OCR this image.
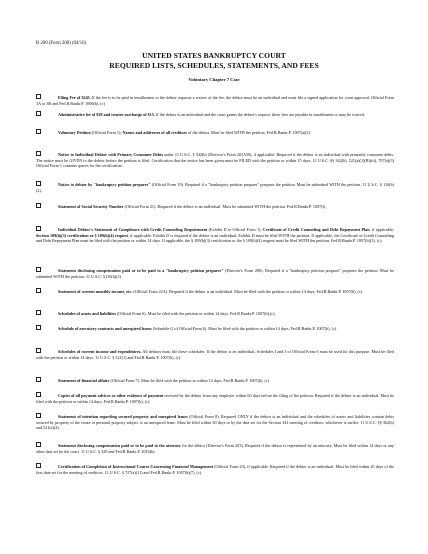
B 200 (Form 200) (04/10)
UNITED STATES BANKRUPTCY COURT
REQUIRED LISTS, SCHEDULES, STATEMENTS, AND FEES
Voluntary Chapter 7 Case

Filing Fee of $245. If the fee is to be paid in installments or the debtor requests a waiver of the fee, the debtor must be an individual and must file a signed application for court approval. Official Form 3A or 3B and Fed.R.Bankr.P. 1006(b), (c)

Administrative fee of $39 and trustee surcharge of $15. If the debtor is an individual and the court grants the debtor's request, these fees are payable in installments or may be waived.

Voluntary Petition (Official Form 1); Names and addresses of all creditors of the debtor. Must be filed WITH the petition. Fed.R.Bankr.P. 1007(a)(1).

Notice to Individual Debtor with Primary Consumer Debts under 11 U.S.C. § 342(b) (Director's Form 201A/B), if applicable. Required if the debtor is an individual with primarily consumer debts. The notice must be GIVEN to the debtor before the petition is filed. Certification that the notice has been given must be FILED with the petition or within 15 days. 11 U.S.C. §§ 342(b), 521(a)(1)(B)(iii), 707(a)(3) Official Form 1 contains spaces for the certification.

Notice to debtor by "bankruptcy petition preparer" (Official Form 19). Required if a "bankruptcy petition preparer" prepares the petition. Must be submitted WITH the petition. 11 U.S.C. § 110(b)(2).

Statement of Social Security Number (Official Form 21). Required if the debtor is an individual. Must be submitted WITH the petition. Fed.R.Bankr.P. 1007(f).

Individual Debtor's Statement of Compliance with Credit Counseling Requirement (Exhibit D to Official Form 1); Certificate of Credit Counseling and Debt Repayment Plan, if applicable; Section 109(h)(3) certification or § 109(h)(4) request, if applicable. Exhibit D is required if the debtor is an individual. Exhibit D must be filed WITH the petition. If applicable, the Certificate of Credit Counseling and Debt Repayment Plan must be filed with the petition or within 14 days. If applicable, the § 109(h)(3) certification or the § 109(h)(4) request must be filed WITH the petition. Fed.R.Bankr.P. 1007(b)(3), (c).

Statement disclosing compensation paid or to be paid to a "bankruptcy petition preparer" (Director's Form 280). Required if a "bankruptcy petition preparer" prepares the petition. Must be submitted WITH the petition. 11 U.S.C. §110(h)(2).

Statement of current monthly income, etc. (Official Form 22A). Required if the debtor is an individual. Must be filed with the petition or within 14 days. Fed.R.Bankr.P. 1007(b), (c).

Schedules of assets and liabilities (Official Form 6). Must be filed with the petition or within 14 days. Fed.R.Bankr.P. 1007(b),(c).

Schedule of executory contracts and unexpired leases (Schedule G of Official Form 6). Must be filed with the petition or within 14 days. Fed.R.Bankr.P. 1007(b), (c).

Schedules of current income and expenditures. All debtors must file these schedules. If the debtor is an individual, Schedules I and J of Official Form 6 must be used for this purpose. Must be filed with the petition or within 14 days. 11 U.S.C. § 521(1) and Fed.R.Bankr.P. 1007(b), (c).

Statement of financial affairs (Official Form 7). Must be filed with the petition or within 14 days. Fed.R.Bankr.P. 1007(b), (c).

Copies of all payment advices or other evidence of payment received by the debtor from any employer within 60 days before the filing of the petition. Required if the debtor is an individual. Must be filed with the petition or within 14 days. Fed.R.Bankr.P. 1007(b), (c).

Statement of intention regarding secured property and unexpired leases (Official Form 8). Required ONLY if the debtor is an individual and the schedules of assets and liabilities contain debts secured by property of the estate or personal property subject to an unexpired lease. Must be filed within 30 days or by the date set for the Section 341 meeting of creditors, whichever is earlier. 11 U.S.C. §§ 362(h) and 521(a)(2).

Statement disclosing compensation paid or to be paid to the attorney for the debtor (Director's Form 203). Required if the debtor is represented by an attorney. Must be filed within 14 days or any other date set by the court. 11 U.S.C. § 329 and Fed.R.Bankr.P. 2016(b).

Certification of Completion of Instructional Course Concerning Financial Management (Official Form 23), if applicable. Required if the debtor is an individual. Must be filed within 45 days of the first date set for the meeting of creditors. 11 U.S.C. § 727(a)(11) and Fed.R.Bankr.P. 1007(b)(7), (c).
